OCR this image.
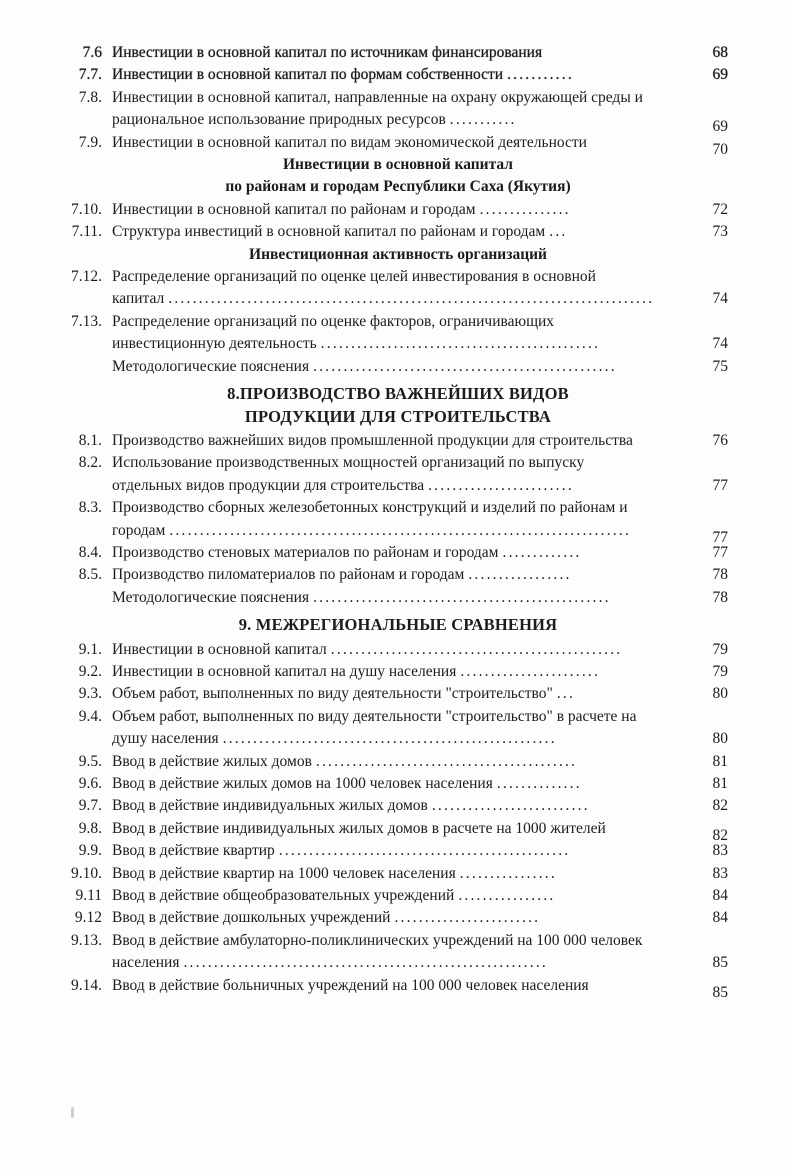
7.6 Инвестиции в основной капитал по источникам финансирования	68
7.7. Инвестиции в основной капитал по формам собственности ...........	69
7.8. Инвестиции в основной капитал, направленные на охрану окружающей среды и
рациональное использование природных ресурсов ...........	69
7.9. Инвестиции в основной капитал по видам экономической деятельности	70
Инвестиции в основной капитал
по районам и городам Республики Саха (Якутия)
7.10. Инвестиции в основной капитал по районам и городам ...............	72
7.11. Структура инвестиций в основной капитал по районам и городам ...	73
Инвестиционная активность организаций
7.12. Распределение организаций по оценке целей инвестирования в основной
капитал ................................................................................	74
7.13. Распределение организаций по оценке факторов, ограничивающих
инвестиционную деятельность ..............................................	74
Методологические пояснения ..................................................	75
8.ПРОИЗВОДСТВО ВАЖНЕЙШИХ ВИДОВ
ПРОДУКЦИИ ДЛЯ СТРОИТЕЛЬСТВА
8.1. Производство важнейших видов промышленной продукции для строительства	76
8.2. Использование производственных мощностей организаций по выпуску
отдельных видов продукции для строительства ........................	77
8.3. Производство сборных железобетонных конструкций и изделий по районам и
городам ............................................................................	77
8.4. Производство стеновых материалов по районам и городам .............	77
8.5. Производство пиломатериалов по районам и городам .................	78
Методологические пояснения .................................................	78
9. МЕЖРЕГИОНАЛЬНЫЕ СРАВНЕНИЯ
9.1. Инвестиции в основной капитал ................................................	79
9.2. Инвестиции в основной капитал на душу населения .......................	79
9.3. Объем работ, выполненных по виду деятельности "строительство" ...	80
9.4. Объем работ, выполненных по виду деятельности "строительство" в расчете на
душу населения .......................................................	80
9.5. Ввод в действие жилых домов ...........................................	81
9.6. Ввод в действие жилых домов на 1000 человек населения ..............	81
9.7. Ввод в действие индивидуальных жилых домов ..........................	82
9.8. Ввод в действие индивидуальных жилых домов в расчете на 1000 жителей	82
9.9. Ввод в действие квартир ................................................	83
9.10. Ввод в действие квартир на 1000 человек населения ................	83
9.11 Ввод в действие общеобразовательных учреждений ................	84
9.12 Ввод в действие дошкольных учреждений ........................	84
9.13. Ввод в действие амбулаторно-поликлинических учреждений на 100 000 человек
населения ............................................................	85
9.14. Ввод в действие больничных учреждений на 100 000 человек населения	85
